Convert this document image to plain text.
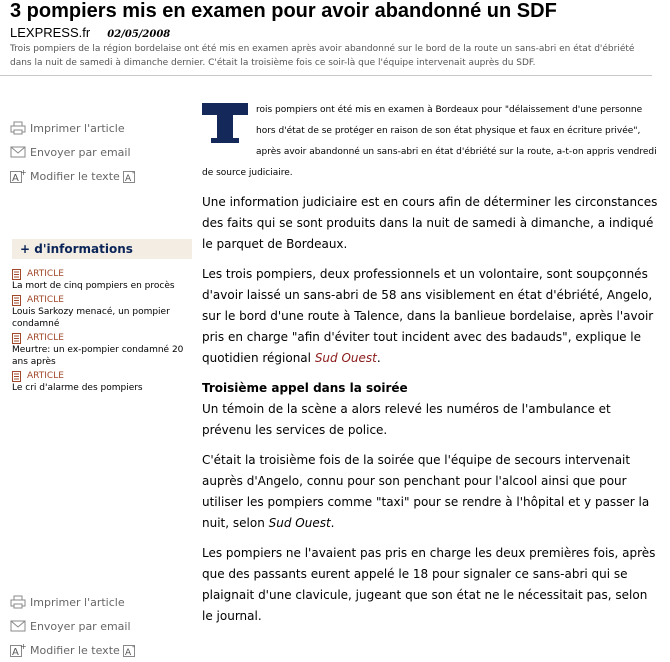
3 pompiers mis en examen pour avoir abandonné un SDF
LEXPRESS.fr 02/05/2008
Trois pompiers de la région bordelaise ont été mis en examen après avoir abandonné sur le bord de la route un sans-abri en état d'ébriété dans la nuit de samedi à dimanche dernier. C'était la troisième fois ce soir-là que l'équipe intervenait auprès du SDF.
Imprimer l'article
Envoyer par email
A
+ Modifier le texte A
-
+ d'informations
ARTICLE
La mort de cinq pompiers en procès
ARTICLE
Louis Sarkozy menacé, un pompier condamné
ARTICLE
Meurtre: un ex-pompier condamné 20 ans après
ARTICLE
Le cri d'alarme des pompiers
rois pompiers ont été mis en examen à Bordeaux pour "délaissement d'une personne hors d'état de se protéger en raison de son état physique et faux en écriture privée", après avoir abandonné un sans-abri en état d'ébriété sur la route, a-t-on appris vendredi de source judiciaire.

Une information judiciaire est en cours afin de déterminer les circonstances des faits qui se sont produits dans la nuit de samedi à dimanche, a indiqué le parquet de Bordeaux.

Les trois pompiers, deux professionnels et un volontaire, sont soupçonnés d'avoir laissé un sans-abri de 58 ans visiblement en état d'ébriété, Angelo, sur le bord d'une route à Talence, dans la banlieue bordelaise, après l'avoir pris en charge "afin d'éviter tout incident avec des badauds", explique le quotidien régional Sud Ouest.

Troisième appel dans la soirée

Un témoin de la scène a alors relevé les numéros de l'ambulance et prévenu les services de police.

C'était la troisième fois de la soirée que l'équipe de secours intervenait auprès d'Angelo, connu pour son penchant pour l'alcool ainsi que pour utiliser les pompiers comme "taxi" pour se rendre à l'hôpital et y passer la nuit, selon Sud Ouest.

Les pompiers ne l'avaient pas pris en charge les deux premières fois, après que des passants eurent appelé le 18 pour signaler ce sans-abri qui se plaignait d'une clavicule, jugeant que son état ne le nécessitait pas, selon le journal.

Imprimer l'article
Envoyer par email
A
+ Modifier le texte A
-
